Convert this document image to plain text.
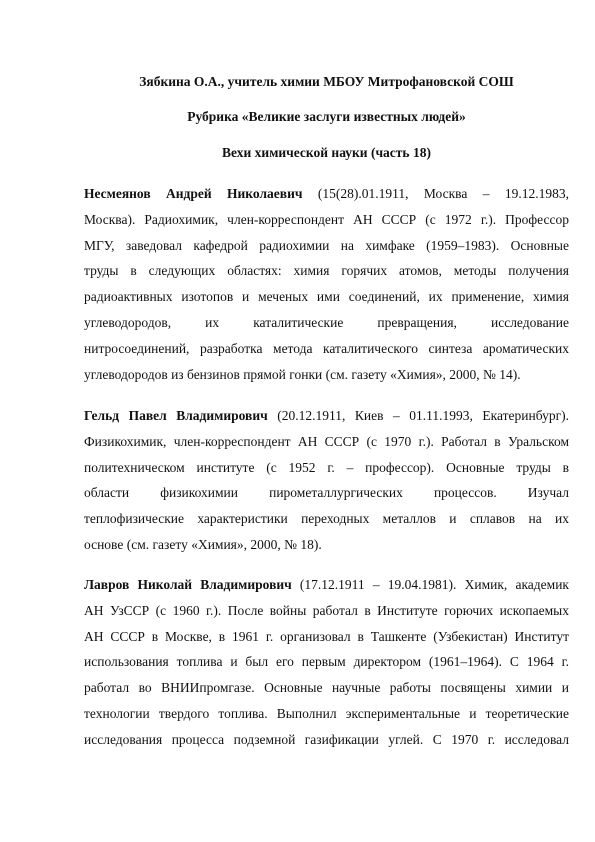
Зябкина О.А., учитель химии МБОУ Митрофановской СОШ
Рубрика «Великие заслуги известных людей»
Вехи химической науки (часть 18)
Несмеянов Андрей Николаевич (15(28).01.1911, Москва – 19.12.1983,
Москва). Радиохимик, член-корреспондент АН СССР (с 1972 г.). Профессор
МГУ, заведовал кафедрой радиохимии на химфаке (1959–1983). Основные
труды в следующих областях: химия горячих атомов, методы получения
радиоактивных изотопов и меченых ими соединений, их применение, химия
углеводородов, их каталитические превращения, исследование
нитросоединений, разработка метода каталитического синтеза ароматических
углеводородов из бензинов прямой гонки (см. газету «Химия», 2000, № 14).
Гельд Павел Владимирович (20.12.1911, Киев – 01.11.1993, Екатеринбург).
Физикохимик, член-корреспондент АН СССР (с 1970 г.). Работал в Уральском
политехническом институте (с 1952 г. – профессор). Основные труды в
области физикохимии пирометаллургических процессов. Изучал
теплофизические характеристики переходных металлов и сплавов на их
основе (см. газету «Химия», 2000, № 18).
Лавров Николай Владимирович (17.12.1911 – 19.04.1981). Химик, академик
АН УзССР (с 1960 г.). После войны работал в Институте горючих ископаемых
АН СССР в Москве, в 1961 г. организовал в Ташкенте (Узбекистан) Институт
использования топлива и был его первым директором (1961–1964). С 1964 г.
работал во ВНИИпромгазе. Основные научные работы посвящены химии и
технологии твердого топлива. Выполнил экспериментальные и теоретические
исследования процесса подземной газификации углей. С 1970 г. исследовал
